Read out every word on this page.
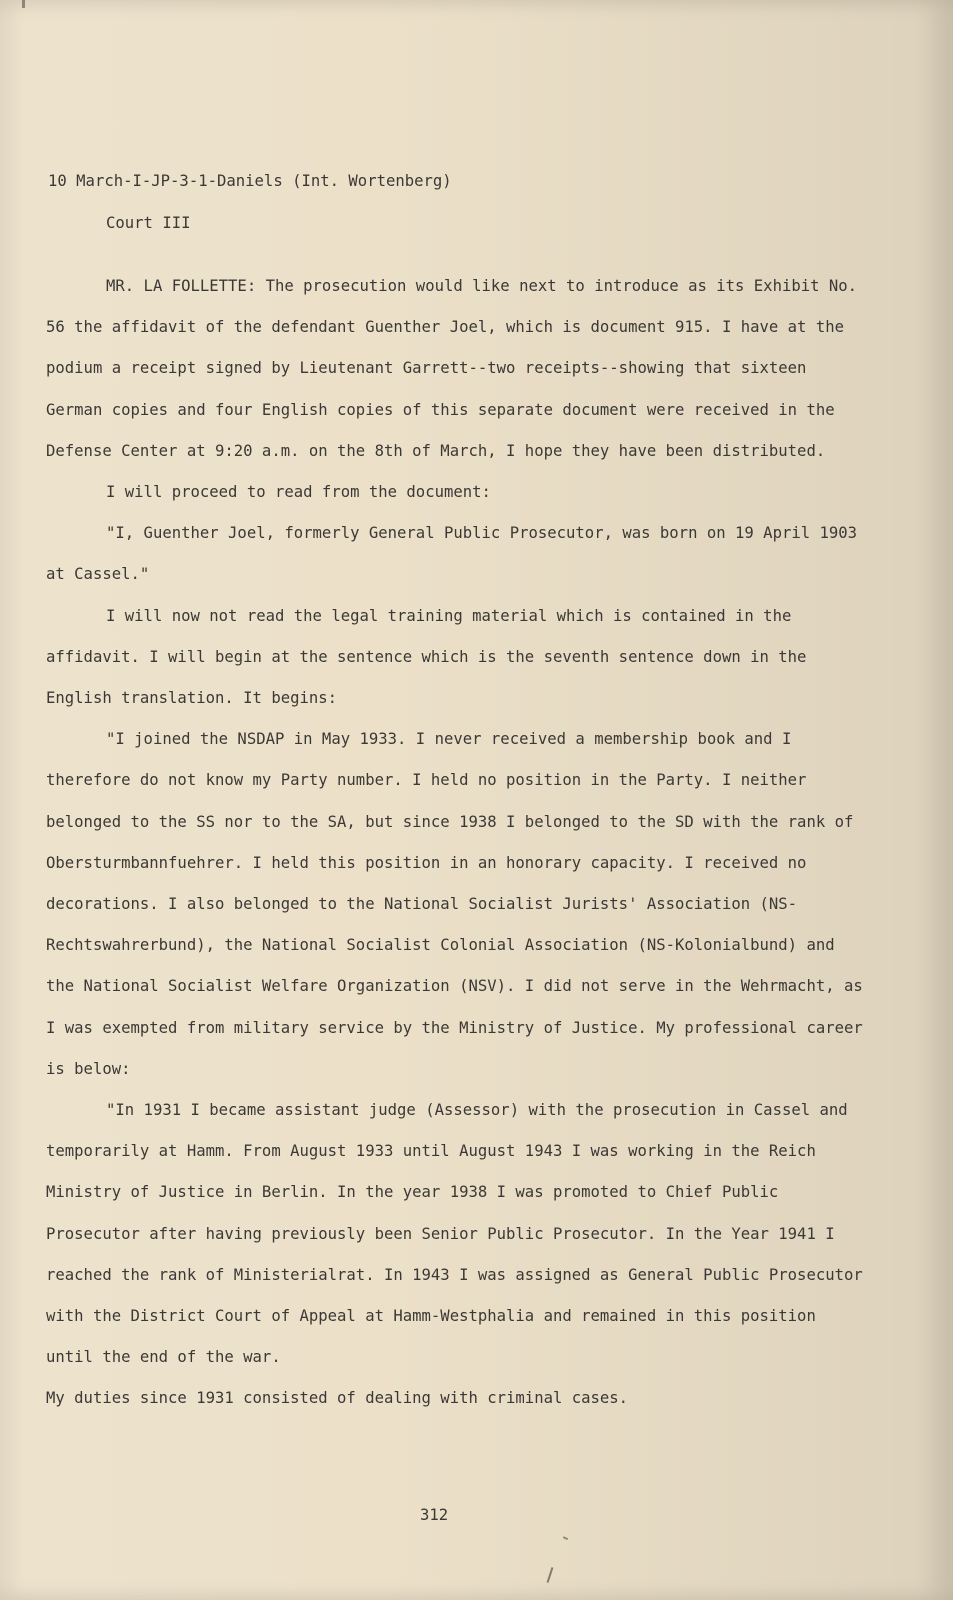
10 March-I-JP-3-1-Daniels (Int. Wortenberg)
Court III

MR. LA FOLLETTE: The prosecution would like next to introduce as its Exhibit No. 56 the affidavit of the defendant Guenther Joel, which is document 915. I have at the podium a receipt signed by Lieutenant Garrett--two receipts--showing that sixteen German copies and four English copies of this separate document were received in the Defense Center at 9:20 a.m. on the 8th of March, I hope they have been distributed.

I will proceed to read from the document:

"I, Guenther Joel, formerly General Public Prosecutor, was born on 19 April 1903 at Cassel."

I will now not read the legal training material which is contained in the affidavit. I will begin at the sentence which is the seventh sentence down in the English translation. It begins:

"I joined the NSDAP in May 1933. I never received a membership book and I therefore do not know my Party number. I held no position in the Party. I neither belonged to the SS nor to the SA, but since 1938 I belonged to the SD with the rank of Obersturmbannfuehrer. I held this position in an honorary capacity. I received no decorations. I also belonged to the National Socialist Jurists' Association (NS-Rechtswahrerbund), the National Socialist Colonial Association (NS-Kolonialbund) and the National Socialist Welfare Organization (NSV). I did not serve in the Wehrmacht, as I was exempted from military service by the Ministry of Justice. My professional career is below:

"In 1931 I became assistant judge (Assessor) with the prosecution in Cassel and temporarily at Hamm. From August 1933 until August 1943 I was working in the Reich Ministry of Justice in Berlin. In the year 1938 I was promoted to Chief Public Prosecutor after having previously been Senior Public Prosecutor. In the Year 1941 I reached the rank of Ministerialrat. In 1943 I was assigned as General Public Prosecutor with the District Court of Appeal at Hamm-Westphalia and remained in this position until the end of the war.

My duties since 1931 consisted of dealing with criminal cases.

312
